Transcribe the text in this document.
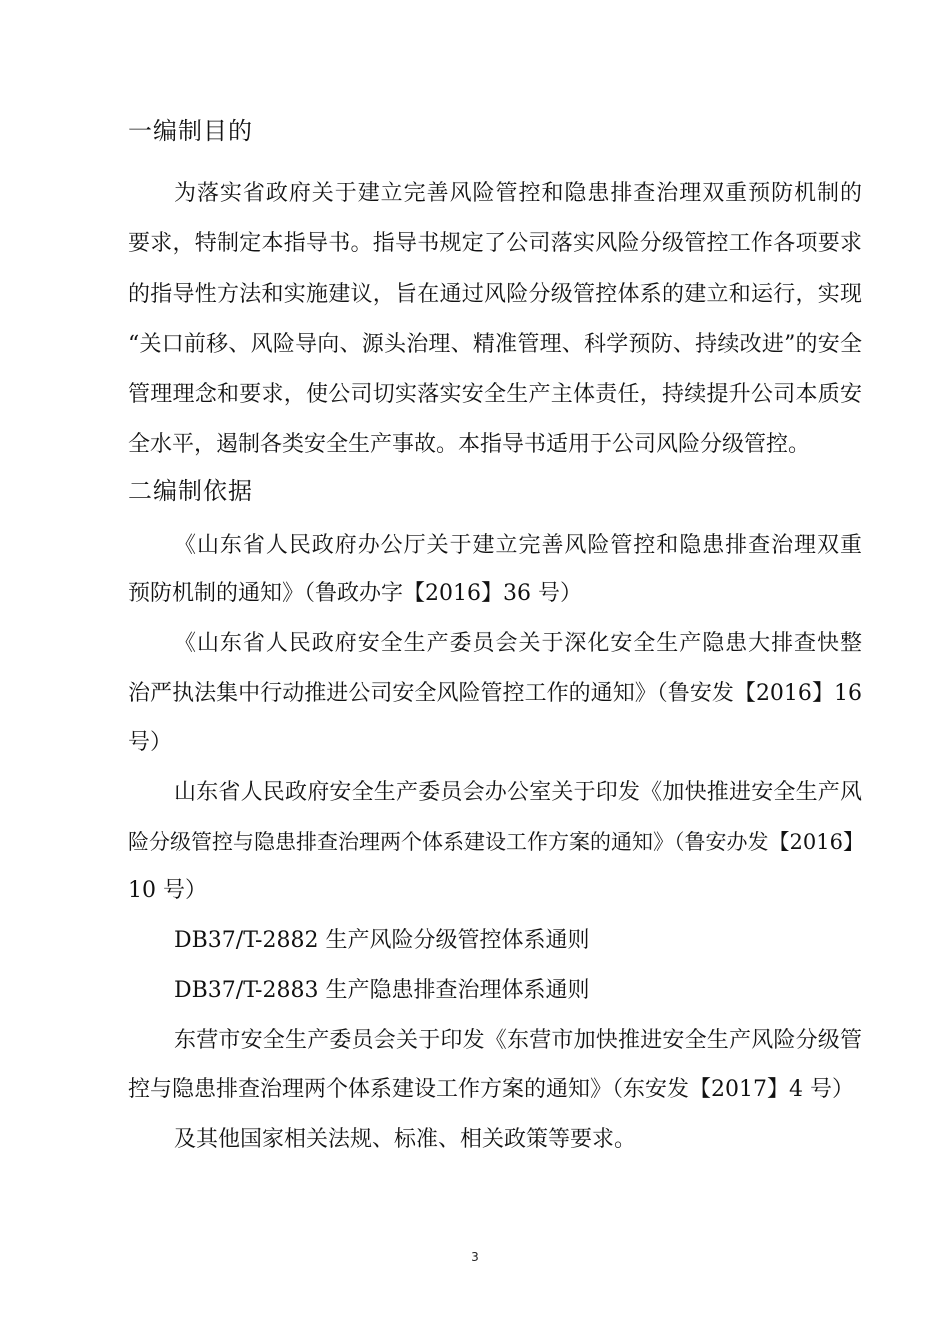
一编制目的
为落实省政府关于建立完善风险管控和隐患排查治理双重预防机制的
要求，特制定本指导书。指导书规定了公司落实风险分级管控工作各项要求
的指导性方法和实施建议，旨在通过风险分级管控体系的建立和运行，实现
“关口前移、风险导向、源头治理、精准管理、科学预防、持续改进”的安全
管理理念和要求，使公司切实落实安全生产主体责任，持续提升公司本质安
全水平，遏制各类安全生产事故。本指导书适用于公司风险分级管控。
二编制依据
《山东省人民政府办公厅关于建立完善风险管控和隐患排查治理双重
预防机制的通知》（鲁政办字【2016】36 号）
《山东省人民政府安全生产委员会关于深化安全生产隐患大排查快整
治严执法集中行动推进公司安全风险管控工作的通知》（鲁安发【2016】16
号）
山东省人民政府安全生产委员会办公室关于印发《加快推进安全生产风
险分级管控与隐患排查治理两个体系建设工作方案的通知》（鲁安办发【2016】
10 号）
DB37/T-2882 生产风险分级管控体系通则
DB37/T-2883 生产隐患排查治理体系通则
东营市安全生产委员会关于印发《东营市加快推进安全生产风险分级管
控与隐患排查治理两个体系建设工作方案的通知》（东安发【2017】4 号）
及其他国家相关法规、标准、相关政策等要求。
3
